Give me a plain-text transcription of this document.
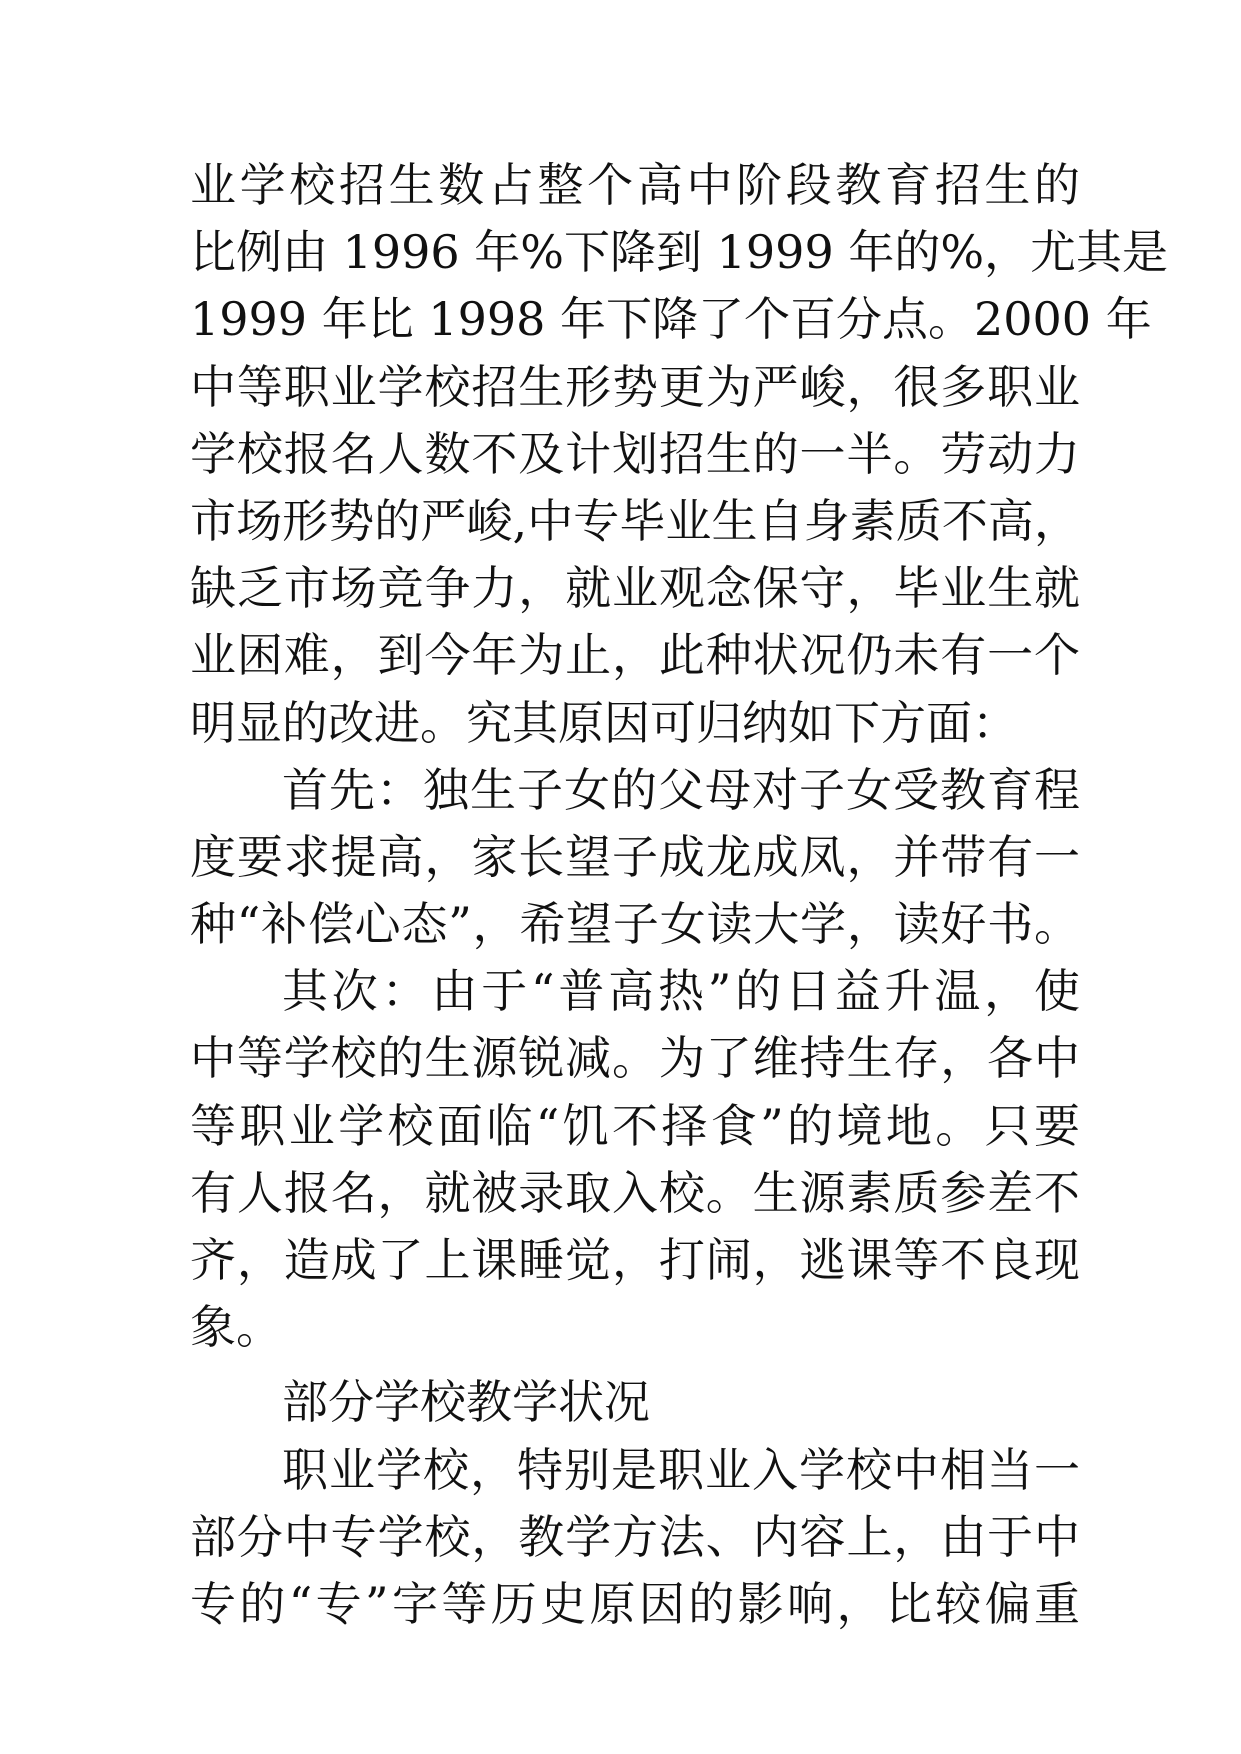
业学校招生数占整个高中阶段教育招生的
比例由 1996 年%下降到 1999 年的%，尤其是
1999 年比 1998 年下降了个百分点。2000 年
中等职业学校招生形势更为严峻，很多职业
学校报名人数不及计划招生的一半。劳动力
市场形势的严峻,中专毕业生自身素质不高，
缺乏市场竞争力，就业观念保守，毕业生就
业困难，到今年为止，此种状况仍未有一个
明显的改进。究其原因可归纳如下方面：
首先：独生子女的父母对子女受教育程
度要求提高，家长望子成龙成凤，并带有一
种“补偿心态”，希望子女读大学，读好书。
其次：由于“普高热”的日益升温，使
中等学校的生源锐减。为了维持生存，各中
等职业学校面临“饥不择食”的境地。只要
有人报名，就被录取入校。生源素质参差不
齐，造成了上课睡觉，打闹，逃课等不良现
象。
部分学校教学状况
职业学校，特别是职业入学校中相当一
部分中专学校，教学方法、内容上，由于中
专的“专”字等历史原因的影响，比较偏重
